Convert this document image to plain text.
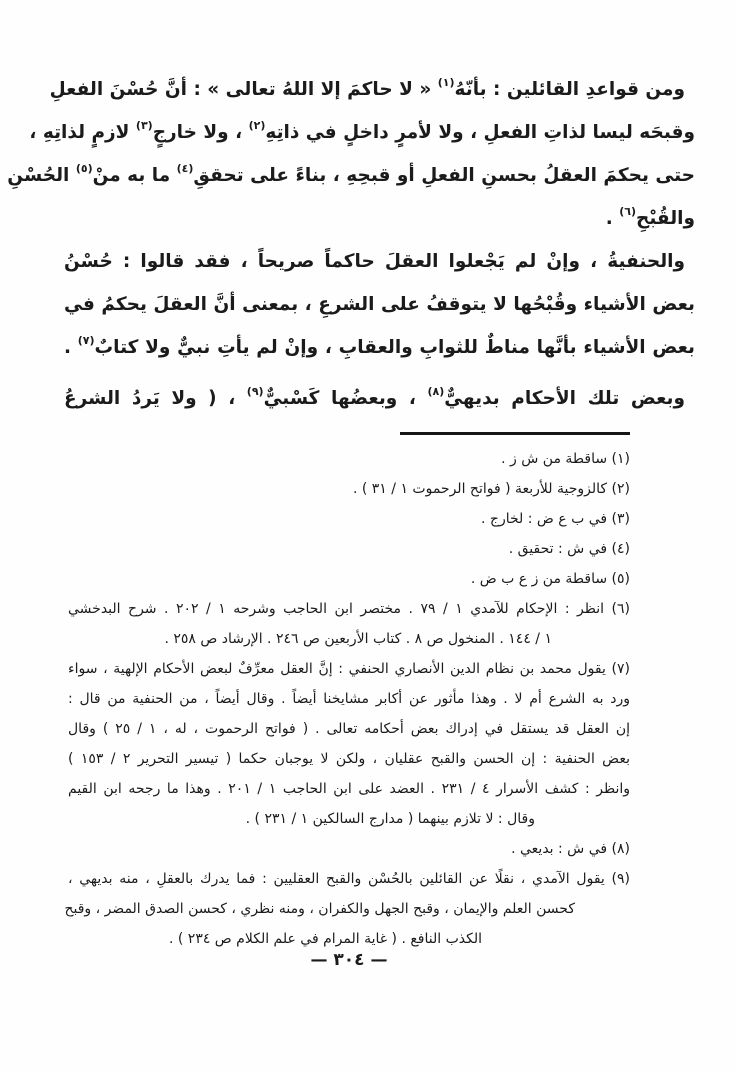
ومن قواعدِ القائلين : بأنّهُ$^{(١)}$ « لا حاكمَ إلا اللهُ تعالى » : أنَّ حُسْنَ الفعلِ
وقبحَه ليسا لذاتِ الفعلِ ، ولا لأمرٍ داخلٍ في ذاتِهِ$^{(٢)}$ ، ولا خارجٍ$^{(٣)}$ لازمٍ لذاتِهِ ،
حتى يحكمَ العقلُ بحسنِ الفعلِ أو قبحِهِ ، بناءً على تحققِ$^{(٤)}$ ما به منْ$^{(٥)}$ الحُسْنِ
والقُبْحِ$^{(٦)}$ .
والحنفيةُ ، وإنْ لم يَجْعلوا العقلَ حاكماً صريحاً ، فقد قالوا : حُسْنُ
بعض الأشياء وقُبْحُها لا يتوقفُ على الشرعِ ، بمعنى أنَّ العقلَ يحكمُ في
بعض الأشياء بأنَّها مناطٌ للثوابِ والعقابِ ، وإنْ لم يأتِ نبيٌّ ولا كتابٌ$^{(٧)}$ .
وبعض تلك الأحكام بديهيٌّ$^{(٨)}$ ، وبعضُها كَسْبيٌّ$^{(٩)}$ ، ( ولا يَردُ الشرعُ
(١) ساقطة من ش ز .
(٢) كالزوجية للأربعة ( فواتح الرحموت ١ / ٣١ ) .
(٣) في ب ع ض : لخارج .
(٤) في ش : تحقيق .
(٥) ساقطة من ز ع ب ض .
(٦) انظر : الإحكام للآمدي ١ / ٧٩ . مختصر ابن الحاجب وشرحه ١ / ٢٠٢ . شرح البدخشي
١ / ١٤٤ . المنخول ص ٨ . كتاب الأربعين ص ٢٤٦ . الإرشاد ص ٢٥٨ .
(٧) يقول محمد بن نظام الدين الأنصاري الحنفي : إنَّ العقل معرِّفٌ لبعض الأحكام الإلهية ، سواء
ورد به الشرع أم لا . وهذا مأثور عن أكابر مشايخنا أيضاً . وقال أيضاً ، من الحنفية من قال :
إن العقل قد يستقل في إدراك بعض أحكامه تعالى . ( فواتح الرحموت ، له ، ١ / ٢٥ ) وقال
بعض الحنفية : إن الحسن والقبح عقليان ، ولكن لا يوجبان حكما ( تيسير التحرير ٢ / ١٥٣ )
وانظر : كشف الأسرار ٤ / ٢٣١ . العضد على ابن الحاجب ١ / ٢٠١ . وهذا ما رجحه ابن القيم
وقال : لا تلازم بينهما ( مدارج السالكين ١ / ٢٣١ ) .
(٨) في ش : بديعي .
(٩) يقول الآمدي ، نقلًا عن القائلين بالحُسْن والقبح العقليين : فما يدرك بالعقلِ ، منه بديهي ،
كحسن العلم والإيمان ، وقبح الجهل والكفران ، ومنه نظري ، كحسن الصدق المضر ، وقبح
الكذب النافع . ( غاية المرام في علم الكلام ص ٢٣٤ ) .
— ٣٠٤ —
